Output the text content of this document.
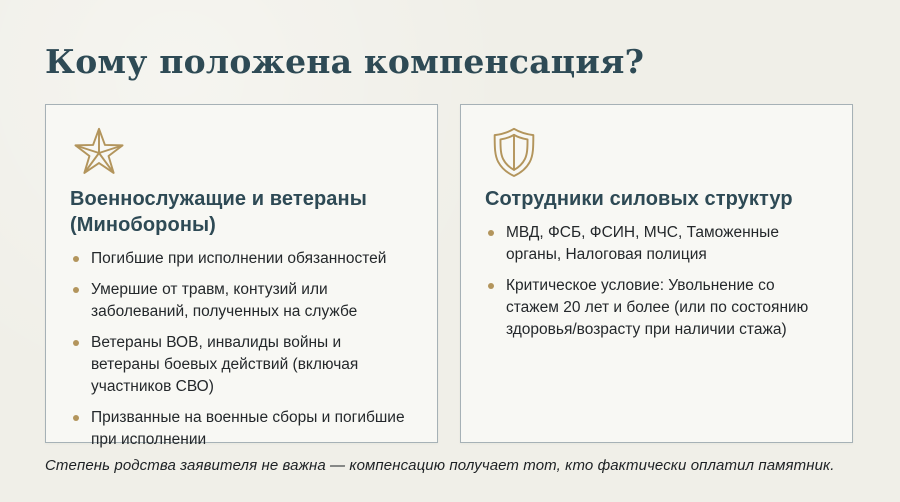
Кому положена компенсация?
Военнослужащие и ветераны (Минобороны)
Погибшие при исполнении обязанностей
Умершие от травм, контузий или заболеваний, полученных на службе
Ветераны ВОВ, инвалиды войны и ветераны боевых действий (включая участников СВО)
Призванные на военные сборы и погибшие при исполнении
Сотрудники силовых структур
МВД, ФСБ, ФСИН, МЧС, Таможенные органы, Налоговая полиция
Критическое условие: Увольнение со стажем 20 лет и более (или по состоянию здоровья/возрасту при наличии стажа)

Степень родства заявителя не важна — компенсацию получает тот, кто фактически оплатил памятник.
